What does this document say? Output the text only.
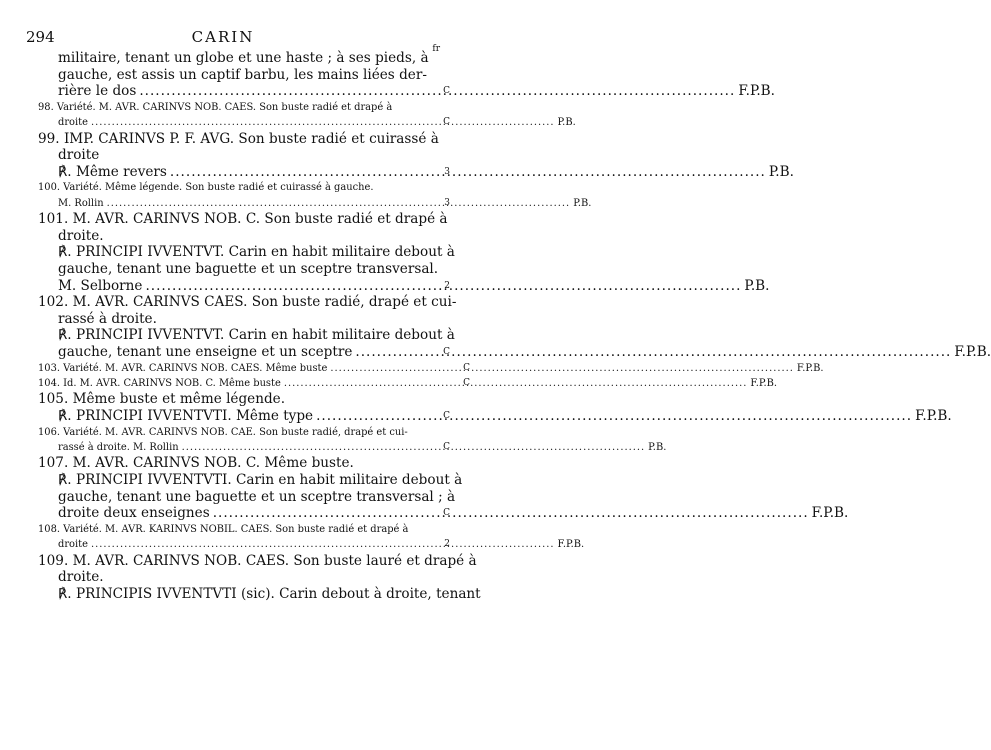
294	CARIN
fr
militaire, tenant un globe et une haste ; à ses pieds, à
gauche, est assis un captif barbu, les mains liées der-
rière le dos .....	F.P.B.
C
98. Variété. M. AVR. CARINVS NOB. CAES. Son buste radié et drapé à
droite .....	P.B.
C
99. IMP. CARINVS P. F. AVG. Son buste radié et cuirassé à
droite
℟. Même revers .....	P.B.
3
100. Variété. Même légende. Son buste radié et cuirassé à gauche.
M. Rollin .....	P.B.
3
101. M. AVR. CARINVS NOB. C. Son buste radié et drapé à
droite.
℟. PRINCIPI IVVENTVT. Carin en habit militaire debout à
gauche, tenant une baguette et un sceptre transversal.
M. Selborne .....	P.B.
2
102. M. AVR. CARINVS CAES. Son buste radié, drapé et cui-
rassé à droite.
℟. PRINCIPI IVVENTVT. Carin en habit militaire debout à
gauche, tenant une enseigne et un sceptre .....	F.P.B.
C
103. Variété. M. AVR. CARINVS NOB. CAES. Même buste .....	F.P.B.
C
104. Id. M. AVR. CARINVS NOB. C. Même buste .....	F.P.B.
C
105. Même buste et même légende.
℟. PRINCIPI IVVENTVTI. Même type .....	F.P.B.
C
106. Variété. M. AVR. CARINVS NOB. CAE. Son buste radié, drapé et cui-
rassé à droite. M. Rollin .....	P.B.
C
107. M. AVR. CARINVS NOB. C. Même buste.
℟. PRINCIPI IVVENTVTI. Carin en habit militaire debout à
gauche, tenant une baguette et un sceptre transversal ; à
droite deux enseignes .....	F.P.B.
C
108. Variété. M. AVR. KARINVS NOBIL. CAES. Son buste radié et drapé à
droite .....	F.P.B.
2
109. M. AVR. CARINVS NOB. CAES. Son buste lauré et drapé à
droite.
℟. PRINCIPIS IVVENTVTI (sic). Carin debout à droite, tenant
